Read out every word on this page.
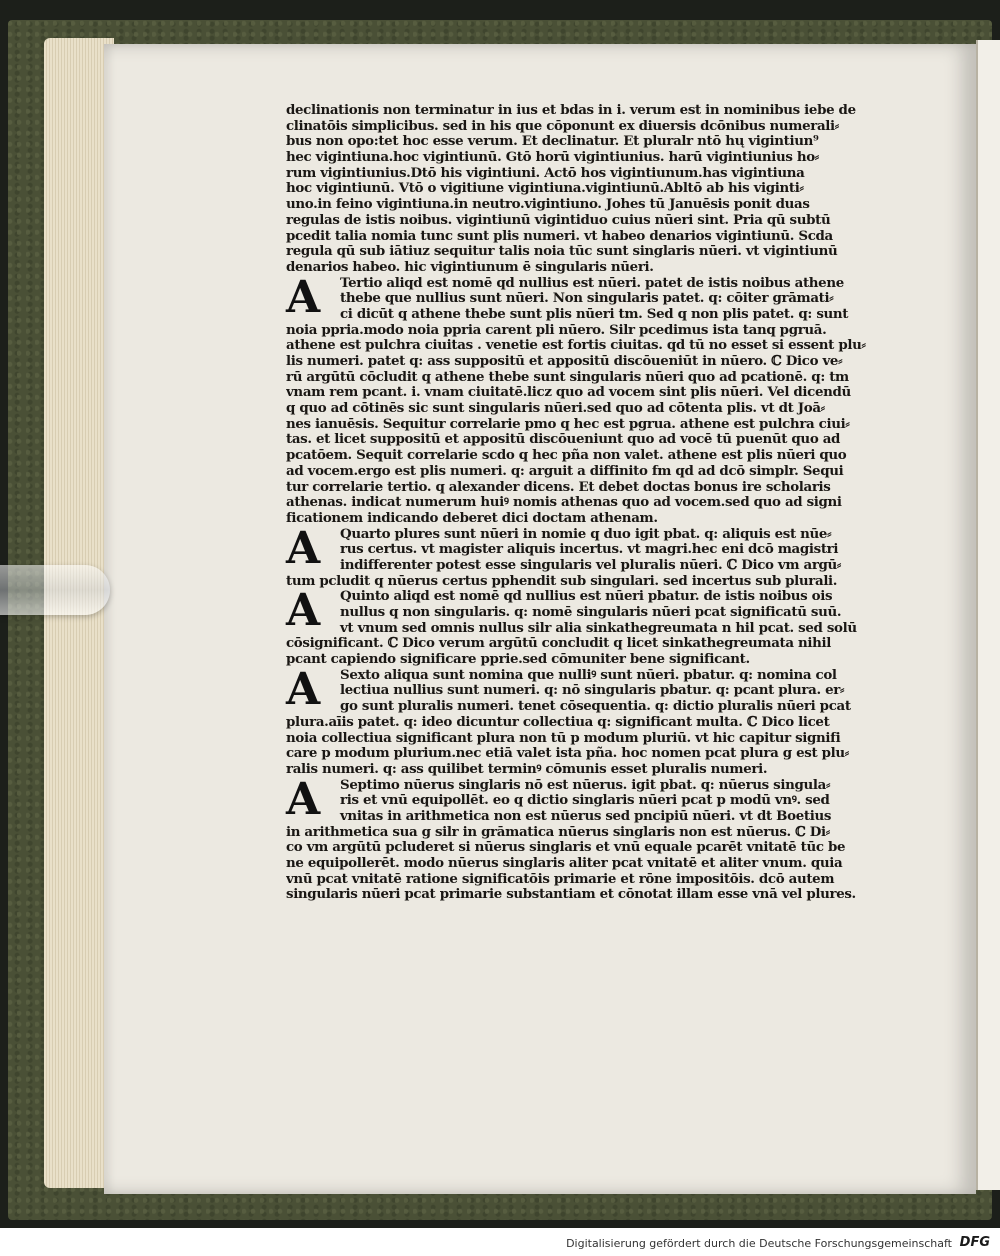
declinationis non terminatur in ius et bdas in i. verum est in nominibus iebe de
clinatōis simplicibus. sed in his que cōponunt ex diuersis dcōnibus numerali⸗
bus non opo:tet hoc esse verum. Et declinatur. Et pluralr ntō hų vigintiun⁹
hec vigintiuna.hoc vigintiunū. Gtō horū vigintiunius. harū vigintiunius ho⸗
rum vigintiunius.Dtō his vigintiuni. Actō hos vigintiunum.has vigintiuna
hoc vigintiunū. Vtō o vigitiune vigintiuna.vigintiunū.Abltō ab his viginti⸗
uno.in feino vigintiuna.in neutro.vigintiuno. Johes tū Januēsis ponit duas
regulas de istis noibus. vigintiunū vigintiduo cuius nūeri sint. Pria qū subtū
pcedit talia nomia tunc sunt plis numeri. vt habeo denarios vigintiunū. Scda
regula qū sub iātiuz sequitur talis noia tūc sunt singlaris nūeri. vt vigintiunū
denarios habeo. hic vigintiunum ē singularis nūeri.
A	Tertio aliqd est nomē qd nullius est nūeri. patet de istis noibus athene
thebe que nullius sunt nūeri. Non singularis patet. q: cōiter grāmati⸗
ci dicūt q athene thebe sunt plis nūeri tm. Sed q non plis patet. q: sunt
noia ppria.modo noia ppria carent pli nūero. Silr pcedimus ista tanq pgruā.
athene est pulchra ciuitas . venetie est fortis ciuitas. qd tū no esset si essent plu⸗
lis numeri. patet q: ass suppositū et appositū discōueniūt in nūero. ℂ Dico ve⸗
rū argūtū cōcludit q athene thebe sunt singularis nūeri quo ad pcationē. q: tm
vnam rem pcant. i. vnam ciuitatē.licz quo ad vocem sint plis nūeri. Vel dicendū
q quo ad cōtinēs sic sunt singularis nūeri.sed quo ad cōtenta plis. vt dt Joā⸗
nes ianuēsis. Sequitur correlarie pmo q hec est pgrua. athene est pulchra ciui⸗
tas. et licet suppositū et appositū discōueniunt quo ad vocē tū puenūt quo ad
pcatōem. Sequit correlarie scdo q hec pña non valet. athene est plis nūeri quo
ad vocem.ergo est plis numeri. q: arguit a diffinito fm qd ad dcō simplr. Sequi
tur correlarie tertio. q alexander dicens. Et debet doctas bonus ire scholaris
athenas. indicat numerum huiꝰ nomis athenas quo ad vocem.sed quo ad signi
ficationem indicando deberet dici doctam athenam.
A	Quarto plures sunt nūeri in nomie q duo igit pbat. q: aliquis est nūe⸗
rus certus. vt magister aliquis incertus. vt magri.hec eni dcō magistri
indifferenter potest esse singularis vel pluralis nūeri. ℂ Dico vm argū⸗
tum pcludit q nūerus certus pphendit sub singulari. sed incertus sub plurali.
A	Quinto aliqd est nomē qd nullius est nūeri pbatur. de istis noibus ois
nullus q non singularis. q: nomē singularis nūeri pcat significatū suū.
vt vnum sed omnis nullus silr alia sinkathegreumata n hil pcat. sed solū
cōsignificant. ℂ Dico verum argūtū concludit q licet sinkathegreumata nihil
pcant capiendo significare pprie.sed cōmuniter bene significant.
A	Sexto aliqua sunt nomina que nulliꝰ sunt nūeri. pbatur. q: nomina col
lectiua nullius sunt numeri. q: nō singularis pbatur. q: pcant plura. er⸗
go sunt pluralis numeri. tenet cōsequentia. q: dictio pluralis nūeri pcat
plura.aīis patet. q: ideo dicuntur collectiua q: significant multa. ℂ Dico licet
noia collectiua significant plura non tū p modum pluriū. vt hic capitur signifi
care p modum plurium.nec etiā valet ista pña. hoc nomen pcat plura g est plu⸗
ralis numeri. q: ass quilibet terminꝰ cōmunis esset pluralis numeri.
A	Septimo nūerus singlaris nō est nūerus. igit pbat. q: nūerus singula⸗
ris et vnū equipollēt. eo q dictio singlaris nūeri pcat p modū vnꝰ. sed
vnitas in arithmetica non est nūerus sed pncipiū nūeri. vt dt Boetius
in arithmetica sua g silr in grāmatica nūerus singlaris non est nūerus. ℂ Di⸗
co vm argūtū pcluderet si nūerus singlaris et vnū equale pcarēt vnitatē tūc be
ne equipollerēt. modo nūerus singlaris aliter pcat vnitatē et aliter vnum. quia
vnū pcat vnitatē ratione significatōis primarie et rōne impositōis. dcō autem
singularis nūeri pcat primarie substantiam et cōnotat illam esse vnā vel plures.
Digitalisierung gefördert durch die Deutsche Forschungsgemeinschaft DFG
